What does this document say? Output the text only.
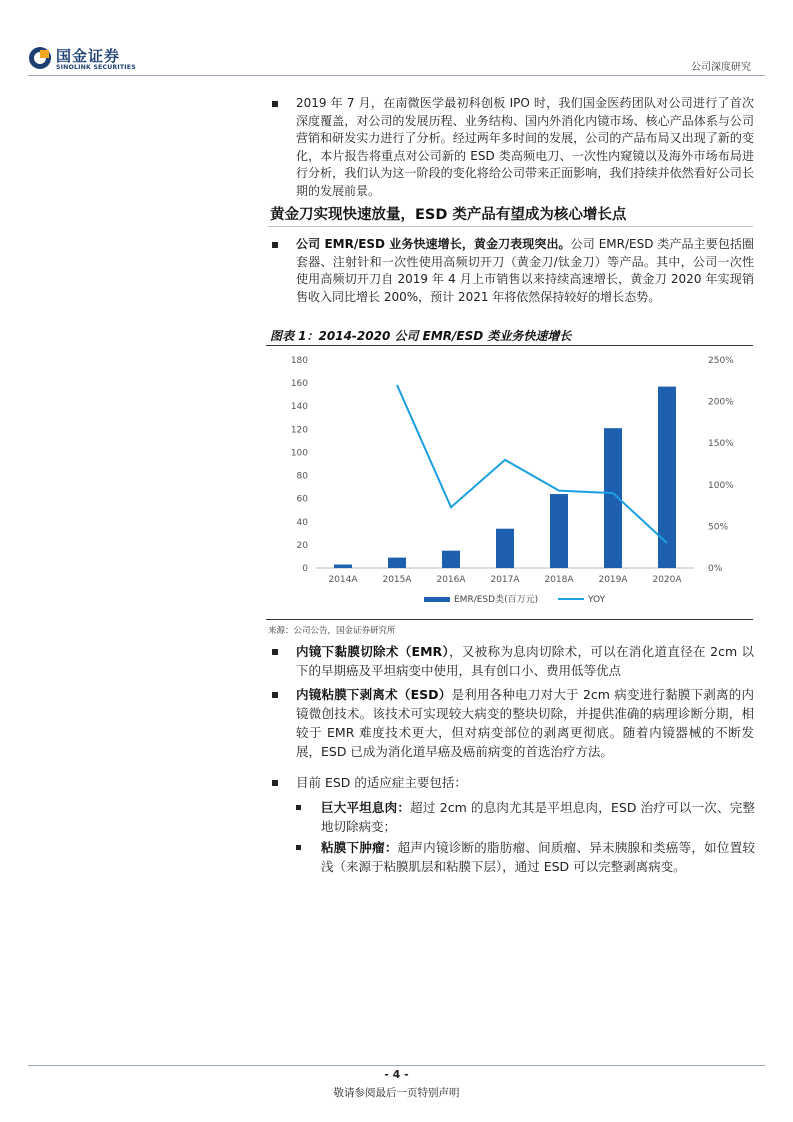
国金证券
SINOLINK SECURITIES	公司深度研究
2019 年 7 月，在南微医学最初科创板 IPO 时，我们国金医药团队对公司进行了首次深度覆盖，对公司的发展历程、业务结构、国内外消化内镜市场、核心产品体系与公司营销和研发实力进行了分析。经过两年多时间的发展，公司的产品布局又出现了新的变化，本片报告将重点对公司新的 ESD 类高频电刀、一次性内窥镜以及海外市场布局进行分析，我们认为这一阶段的变化将给公司带来正面影响，我们持续并依然看好公司长期的发展前景。
黄金刀实现快速放量，ESD 类产品有望成为核心增长点
公司 EMR/ESD 业务快速增长，黄金刀表现突出。公司 EMR/ESD 类产品主要包括圈套器、注射针和一次性使用高频切开刀（黄金刀/钛金刀）等产品。其中，公司一次性使用高频切开刀自 2019 年 4 月上市销售以来持续高速增长，黄金刀 2020 年实现销售收入同比增长 200%，预计 2021 年将依然保持较好的增长态势。
图表 1：2014-2020 公司 EMR/ESD 类业务快速增长
0
20
40
60
80
100
120
140
160
180
0%
50%
100%
150%
200%
250%
2014A	2015A	2016A	2017A	2018A	2019A	2020A
EMR/ESD类(百万元)	YOY
来源：公司公告，国金证券研究所
内镜下黏膜切除术（EMR），又被称为息肉切除术，可以在消化道直径在 2cm 以下的早期癌及平坦病变中使用，具有创口小、费用低等优点
内镜粘膜下剥离术（ESD）是利用各种电刀对大于 2cm 病变进行黏膜下剥离的内镜微创技术。该技术可实现较大病变的整块切除，并提供准确的病理诊断分期，相较于 EMR 难度技术更大，但对病变部位的剥离更彻底。随着内镜器械的不断发展，ESD 已成为消化道早癌及癌前病变的首选治疗方法。
目前 ESD 的适应症主要包括：
巨大平坦息肉：超过 2cm 的息肉尤其是平坦息肉，ESD 治疗可以一次、完整地切除病变；
粘膜下肿瘤：超声内镜诊断的脂肪瘤、间质瘤、异未胰腺和类癌等，如位置较浅（来源于粘膜肌层和粘膜下层），通过 ESD 可以完整剥离病变。
- 4 -
敬请参阅最后一页特别声明
